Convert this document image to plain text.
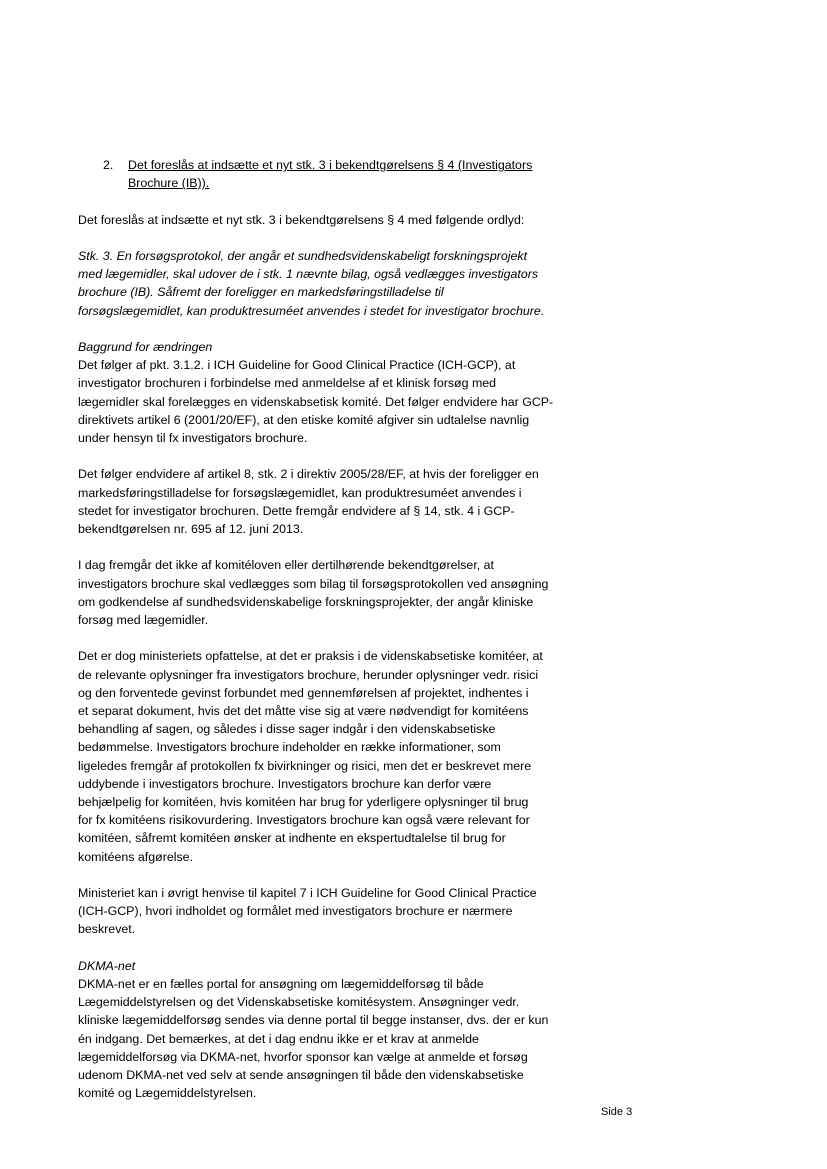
2. Det foreslås at indsætte et nyt stk. 3 i bekendtgørelsens § 4 (Investigators
Brochure (IB)).
Det foreslås at indsætte et nyt stk. 3 i bekendtgørelsens § 4 med følgende ordlyd:
Stk. 3. En forsøgsprotokol, der angår et sundhedsvidenskabeligt forskningsprojekt
med lægemidler, skal udover de i stk. 1 nævnte bilag, også vedlægges investigators
brochure (IB). Såfremt der foreligger en markedsføringstilladelse til
forsøgslægemidlet, kan produktresuméet anvendes i stedet for investigator brochure.
Baggrund for ændringen
Det følger af pkt. 3.1.2. i ICH Guideline for Good Clinical Practice (ICH-GCP), at
investigator brochuren i forbindelse med anmeldelse af et klinisk forsøg med
lægemidler skal forelægges en videnskabsetisk komité. Det følger endvidere har GCP-
direktivets artikel 6 (2001/20/EF), at den etiske komité afgiver sin udtalelse navnlig
under hensyn til fx investigators brochure.
Det følger endvidere af artikel 8, stk. 2 i direktiv 2005/28/EF, at hvis der foreligger en
markedsføringstilladelse for forsøgslægemidlet, kan produktresuméet anvendes i
stedet for investigator brochuren. Dette fremgår endvidere af § 14, stk. 4 i GCP-
bekendtgørelsen nr. 695 af 12. juni 2013.
I dag fremgår det ikke af komitéloven eller dertilhørende bekendtgørelser, at
investigators brochure skal vedlægges som bilag til forsøgsprotokollen ved ansøgning
om godkendelse af sundhedsvidenskabelige forskningsprojekter, der angår kliniske
forsøg med lægemidler.
Det er dog ministeriets opfattelse, at det er praksis i de videnskabsetiske komitéer, at
de relevante oplysninger fra investigators brochure, herunder oplysninger vedr. risici
og den forventede gevinst forbundet med gennemførelsen af projektet, indhentes i
et separat dokument, hvis det det måtte vise sig at være nødvendigt for komitéens
behandling af sagen, og således i disse sager indgår i den videnskabsetiske
bedømmelse. Investigators brochure indeholder en række informationer, som
ligeledes fremgår af protokollen fx bivirkninger og risici, men det er beskrevet mere
uddybende i investigators brochure. Investigators brochure kan derfor være
behjælpelig for komitéen, hvis komitéen har brug for yderligere oplysninger til brug
for fx komitéens risikovurdering. Investigators brochure kan også være relevant for
komitéen, såfremt komitéen ønsker at indhente en ekspertudtalelse til brug for
komitéens afgørelse.
Ministeriet kan i øvrigt henvise til kapitel 7 i ICH Guideline for Good Clinical Practice
(ICH-GCP), hvori indholdet og formålet med investigators brochure er nærmere
beskrevet.
DKMA-net
DKMA-net er en fælles portal for ansøgning om lægemiddelforsøg til både
Lægemiddelstyrelsen og det Videnskabsetiske komitésystem. Ansøgninger vedr.
kliniske lægemiddelforsøg sendes via denne portal til begge instanser, dvs. der er kun
én indgang. Det bemærkes, at det i dag endnu ikke er et krav at anmelde
lægemiddelforsøg via DKMA-net, hvorfor sponsor kan vælge at anmelde et forsøg
udenom DKMA-net ved selv at sende ansøgningen til både den videnskabsetiske
komité og Lægemiddelstyrelsen.
Side 3
